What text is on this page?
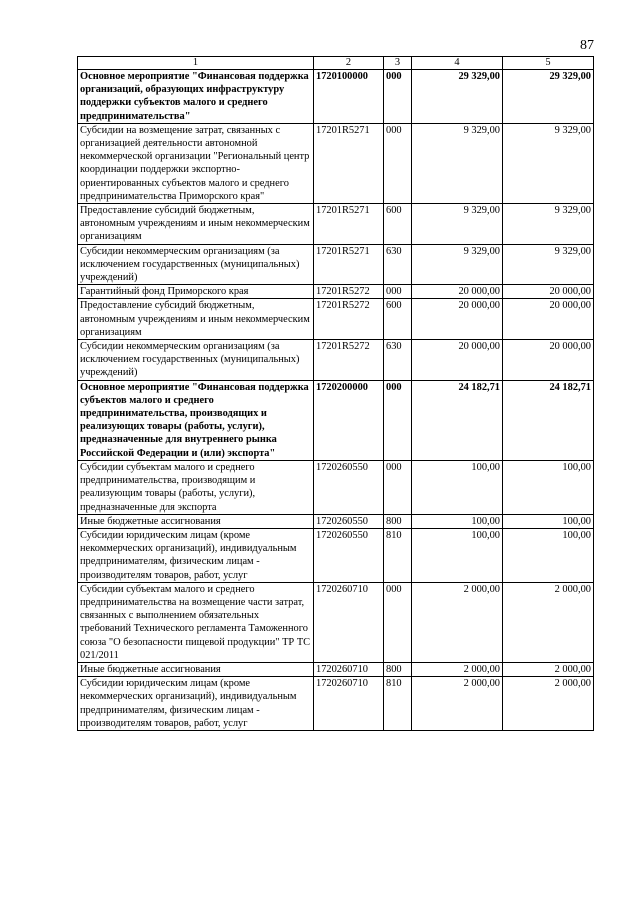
87
1	2	3	4	5
Основное мероприятие "Финансовая поддержка организаций, образующих инфраструктуру поддержки субъектов малого и среднего предпринимательства"	1720100000	000	29 329,00	29 329,00
Субсидии на возмещение затрат, связанных с организацией деятельности автономной некоммерческой организации "Региональный центр координации поддержки экспортно-ориентированных субъектов малого и среднего предпринимательства Приморского края"	17201R5271	000	9 329,00	9 329,00
Предоставление субсидий бюджетным, автономным учреждениям и иным некоммерческим организациям	17201R5271	600	9 329,00	9 329,00
Субсидии некоммерческим организациям (за исключением государственных (муниципальных) учреждений)	17201R5271	630	9 329,00	9 329,00
Гарантийный фонд Приморского края	17201R5272	000	20 000,00	20 000,00
Предоставление субсидий бюджетным, автономным учреждениям и иным некоммерческим организациям	17201R5272	600	20 000,00	20 000,00
Субсидии некоммерческим организациям (за исключением государственных (муниципальных) учреждений)	17201R5272	630	20 000,00	20 000,00
Основное мероприятие "Финансовая поддержка субъектов малого и среднего предпринимательства, производящих и реализующих товары (работы, услуги), предназначенные для внутреннего рынка Российской Федерации и (или) экспорта"	1720200000	000	24 182,71	24 182,71
Субсидии субъектам малого и среднего предпринимательства, производящим и реализующим товары (работы, услуги), предназначенные для экспорта	1720260550	000	100,00	100,00
Иные бюджетные ассигнования	1720260550	800	100,00	100,00
Субсидии юридическим лицам (кроме некоммерческих организаций), индивидуальным предпринимателям, физическим лицам - производителям товаров, работ, услуг	1720260550	810	100,00	100,00
Субсидии субъектам малого и среднего предпринимательства на возмещение части затрат, связанных с выполнением обязательных требований Технического регламента Таможенного союза "О безопасности пищевой продукции" ТР ТС 021/2011	1720260710	000	2 000,00	2 000,00
Иные бюджетные ассигнования	1720260710	800	2 000,00	2 000,00
Субсидии юридическим лицам (кроме некоммерческих организаций), индивидуальным предпринимателям, физическим лицам - производителям товаров, работ, услуг	1720260710	810	2 000,00	2 000,00
